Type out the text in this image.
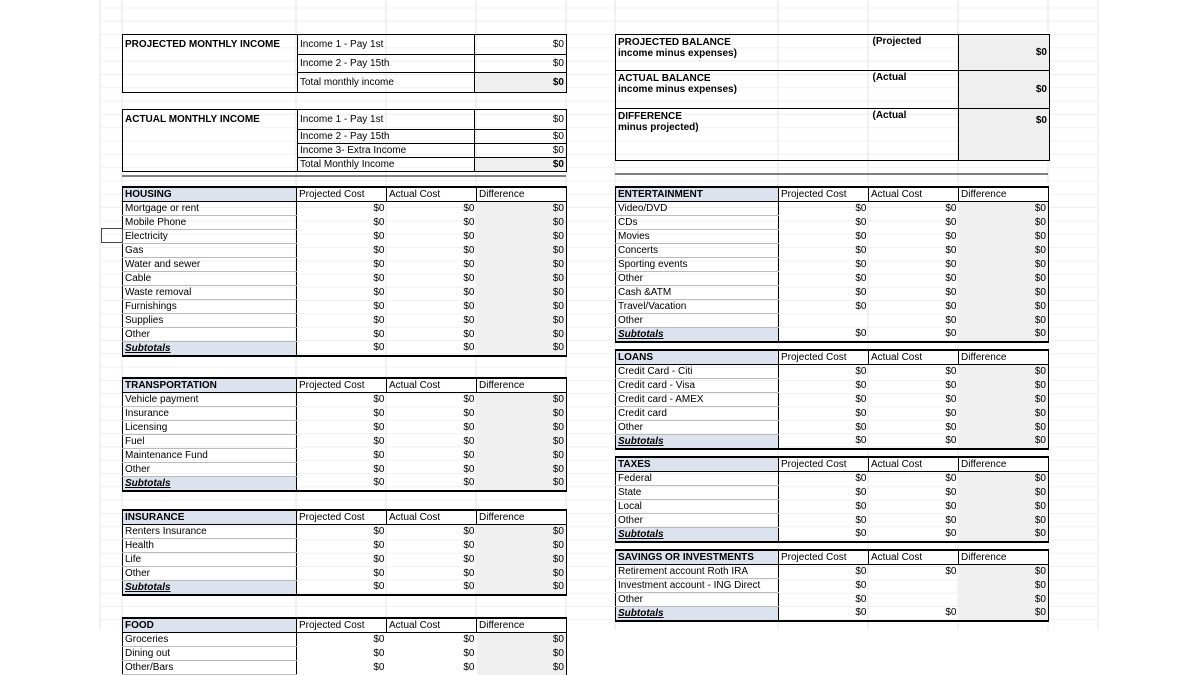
PROJECTED MONTHLY INCOME	Income 1 - Pay 1st	$0
	Income 2 - Pay 15th	$0
	Total monthly income	$0
ACTUAL MONTHLY INCOME	Income 1 - Pay 1st	$0
	Income 2 - Pay 15th	$0
	Income 3- Extra Income	$0
	Total Monthly Income	$0
PROJECTED BALANCE
income minus expenses)	(Projected	$0

ACTUAL BALANCE
income minus expenses)	(Actual	$0

DIFFERENCE
minus projected)	(Actual	$0
HOUSING	Projected Cost	Actual Cost	Difference
Mortgage or rent	$0	$0	$0
Mobile Phone	$0	$0	$0
Electricity	$0	$0	$0
Gas	$0	$0	$0
Water and sewer	$0	$0	$0
Cable	$0	$0	$0
Waste removal	$0	$0	$0
Furnishings	$0	$0	$0
Supplies	$0	$0	$0
Other	$0	$0	$0
Subtotals	$0	$0	$0
TRANSPORTATION	Projected Cost	Actual Cost	Difference
Vehicle payment	$0	$0	$0
Insurance	$0	$0	$0
Licensing	$0	$0	$0
Fuel	$0	$0	$0
Maintenance Fund	$0	$0	$0
Other	$0	$0	$0
Subtotals	$0	$0	$0
INSURANCE	Projected Cost	Actual Cost	Difference
Renters Insurance	$0	$0	$0
Health	$0	$0	$0
Life	$0	$0	$0
Other	$0	$0	$0
Subtotals	$0	$0	$0
FOOD	Projected Cost	Actual Cost	Difference
Groceries	$0	$0	$0
Dining out	$0	$0	$0
Other/Bars	$0	$0	$0
ENTERTAINMENT	Projected Cost	Actual Cost	Difference
Video/DVD	$0	$0	$0
CDs	$0	$0	$0
Movies	$0	$0	$0
Concerts	$0	$0	$0
Sporting events	$0	$0	$0
Other	$0	$0	$0
Cash &ATM	$0	$0	$0
Travel/Vacation	$0	$0	$0
Other		$0	$0
Subtotals	$0	$0	$0
LOANS	Projected Cost	Actual Cost	Difference
Credit Card - Citi	$0	$0	$0
Credit card - Visa	$0	$0	$0
Credit card - AMEX	$0	$0	$0
Credit card	$0	$0	$0
Other	$0	$0	$0
Subtotals	$0	$0	$0
TAXES	Projected Cost	Actual Cost	Difference
Federal	$0	$0	$0
State	$0	$0	$0
Local	$0	$0	$0
Other	$0	$0	$0
Subtotals	$0	$0	$0
SAVINGS OR INVESTMENTS	Projected Cost	Actual Cost	Difference
Retirement account Roth IRA	$0	$0	$0
Investment account - ING Direct	$0		$0
Other	$0		$0
Subtotals	$0	$0	$0
